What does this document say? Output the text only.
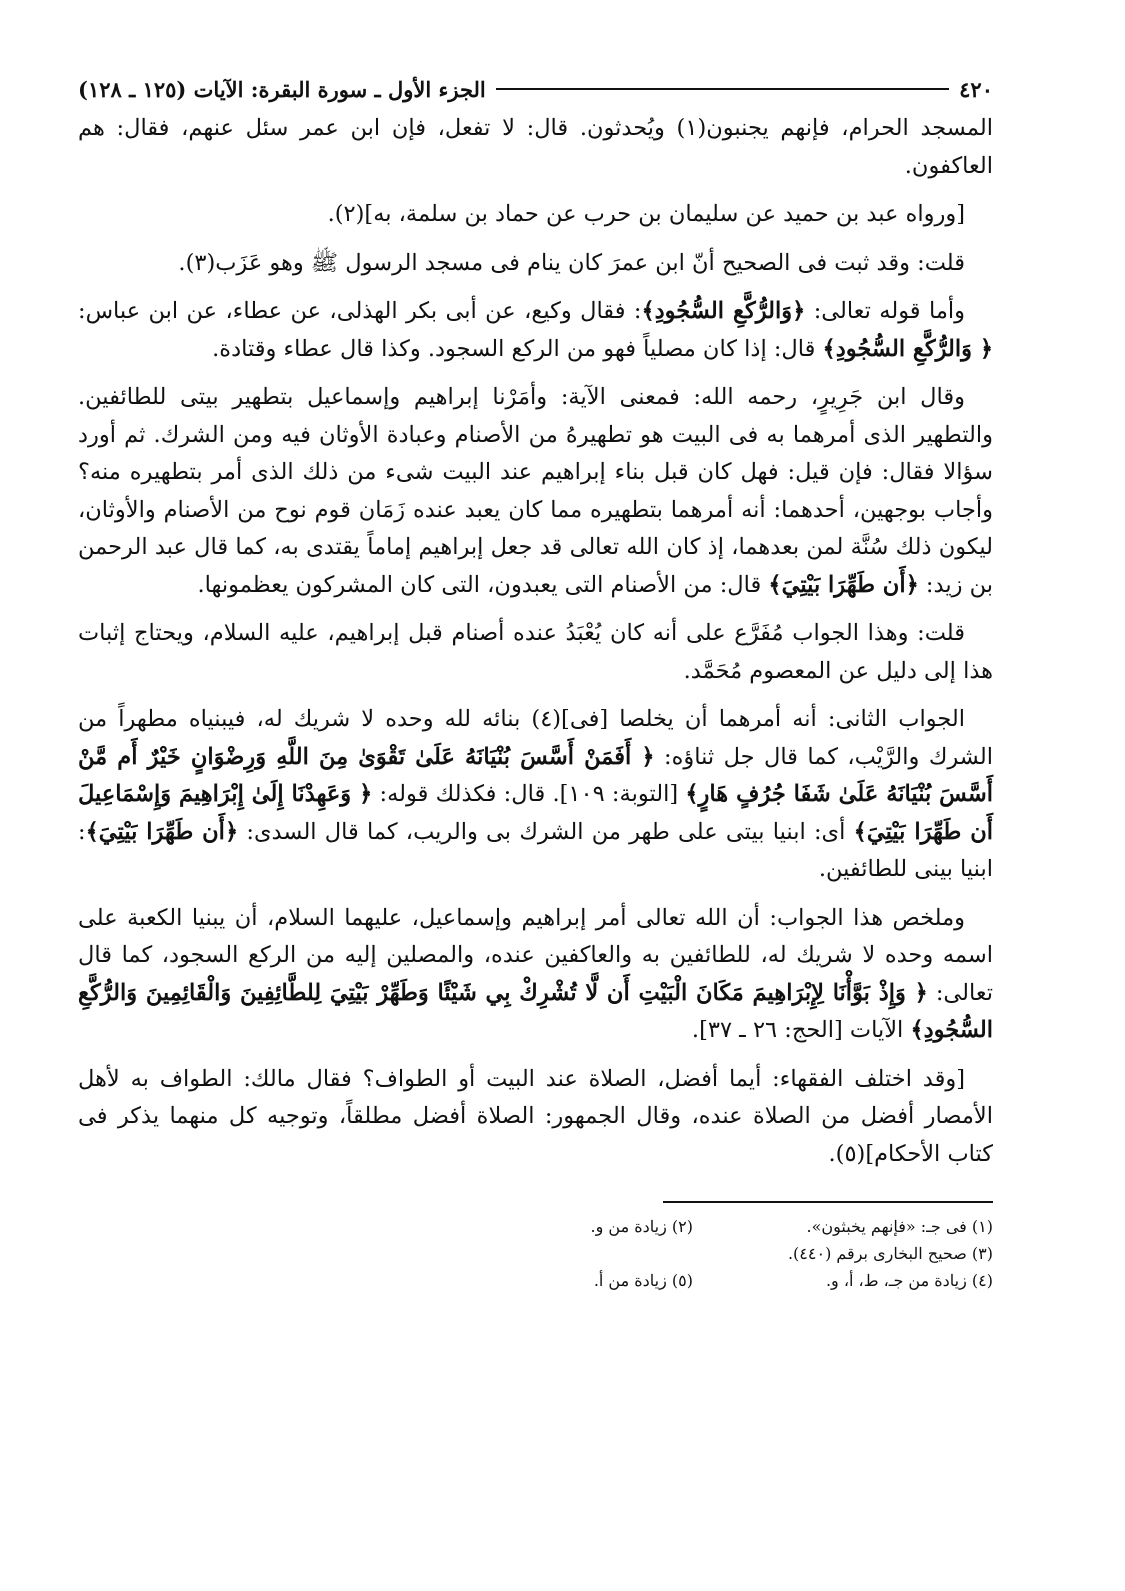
٤٢٠
الجزء الأول ـ سورة البقرة: الآيات (١٢٥ ـ ١٢٨)

المسجد الحرام، فإنهم يجنبون(١) ويُحدثون. قال: لا تفعل، فإن ابن عمر سئل عنهم، فقال: هم العاكفون.

[ورواه عبد بن حميد عن سليمان بن حرب عن حماد بن سلمة، به](٢).

قلت: وقد ثبت فى الصحيح أنّ ابن عمرَ كان ينام فى مسجد الرسول ﷺ وهو عَزَب(٣).

وأما قوله تعالى: ﴿وَالرُّكَّعِ السُّجُودِ﴾: فقال وكيع، عن أبى بكر الهذلى، عن عطاء، عن ابن عباس: ﴿ وَالرُّكَّعِ السُّجُودِ﴾ قال: إذا كان مصلياً فهو من الركع السجود. وكذا قال عطاء وقتادة.

وقال ابن جَرِيرٍ، رحمه الله: فمعنى الآية: وأمَرْنا إبراهيم وإسماعيل بتطهير بيتى للطائفين. والتطهير الذى أمرهما به فى البيت هو تطهيرهُ من الأصنام وعبادة الأوثان فيه ومن الشرك. ثم أورد سؤالا فقال: فإن قيل: فهل كان قبل بناء إبراهيم عند البيت شىء من ذلك الذى أمر بتطهيره منه؟ وأجاب بوجهين، أحدهما: أنه أمرهما بتطهيره مما كان يعبد عنده زَمَان قوم نوح من الأصنام والأوثان، ليكون ذلك سُنَّة لمن بعدهما، إذ كان الله تعالى قد جعل إبراهيم إماماً يقتدى به، كما قال عبد الرحمن بن زيد: ﴿أَن طَهِّرَا بَيْتِيَ﴾ قال: من الأصنام التى يعبدون، التى كان المشركون يعظمونها.

قلت: وهذا الجواب مُفَرَّع على أنه كان يُعْبَدُ عنده أصنام قبل إبراهيم، عليه السلام، ويحتاج إثبات هذا إلى دليل عن المعصوم مُحَمَّد.

الجواب الثانى: أنه أمرهما أن يخلصا [فى](٤) بنائه لله وحده لا شريك له، فيبنياه مطهراً من الشرك والرَّيْب، كما قال جل ثناؤه: ﴿ أَفَمَنْ أَسَّسَ بُنْيَانَهُ عَلَىٰ تَقْوَىٰ مِنَ اللَّهِ وَرِضْوَانٍ خَيْرٌ أَم مَّنْ أَسَّسَ بُنْيَانَهُ عَلَىٰ شَفَا جُرُفٍ هَارٍ﴾ [التوبة: ١٠٩]. قال: فكذلك قوله: ﴿ وَعَهِدْنَا إِلَىٰ إِبْرَاهِيمَ وَإِسْمَاعِيلَ أَن طَهِّرَا بَيْتِيَ﴾ أى: ابنيا بيتى على طهر من الشرك بى والريب، كما قال السدى: ﴿أَن طَهِّرَا بَيْتِيَ﴾: ابنيا بينى للطائفين.

وملخص هذا الجواب: أن الله تعالى أمر إبراهيم وإسماعيل، عليهما السلام، أن يبنيا الكعبة على اسمه وحده لا شريك له، للطائفين به والعاكفين عنده، والمصلين إليه من الركع السجود، كما قال تعالى: ﴿ وَإِذْ بَوَّأْنَا لِإِبْرَاهِيمَ مَكَانَ الْبَيْتِ أَن لَّا تُشْرِكْ بِي شَيْئًا وَطَهِّرْ بَيْتِيَ لِلطَّائِفِينَ وَالْقَائِمِينَ وَالرُّكَّعِ السُّجُودِ﴾ الآيات [الحج: ٢٦ ـ ٣٧].

[وقد اختلف الفقهاء: أيما أفضل، الصلاة عند البيت أو الطواف؟ فقال مالك: الطواف به لأهل الأمصار أفضل من الصلاة عنده، وقال الجمهور: الصلاة أفضل مطلقاً، وتوجيه كل منهما يذكر فى كتاب الأحكام](٥).

(١) فى جـ: «فإنهم يخبثون».
(٢) زيادة من و.
(٣) صحيح البخارى برقم (٤٤٠).
(٤) زيادة من جـ، ط، أ، و.
(٥) زيادة من أ.
